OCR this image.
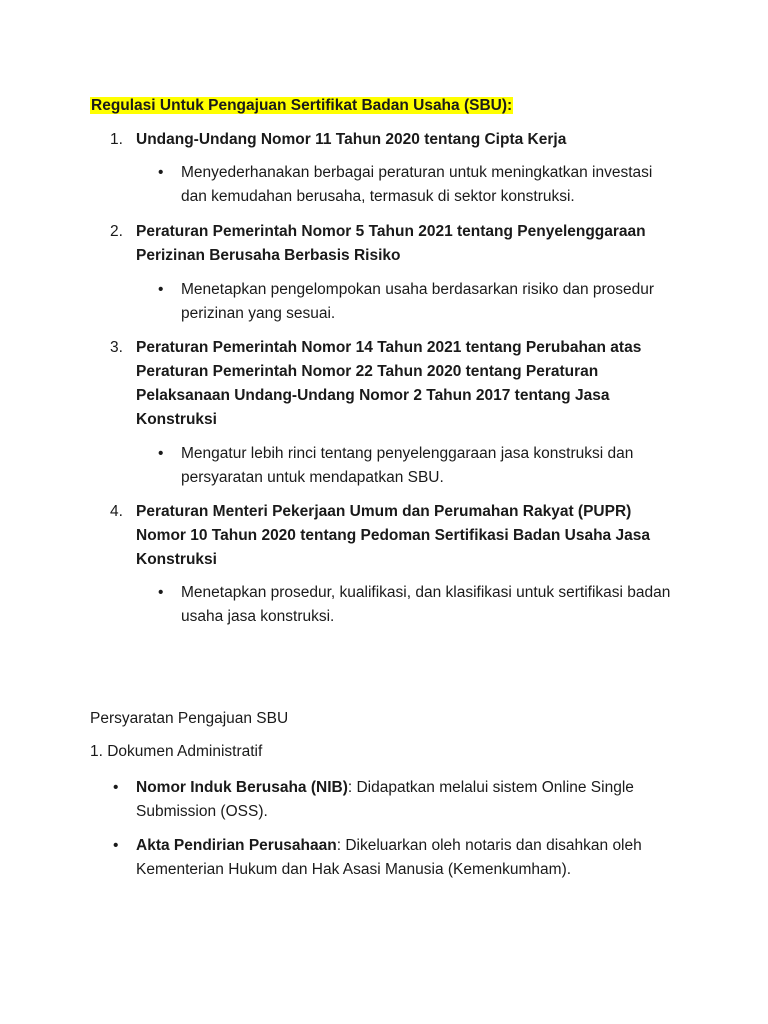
Regulasi Untuk Pengajuan Sertifikat Badan Usaha (SBU):
1. Undang-Undang Nomor 11 Tahun 2020 tentang Cipta Kerja
• Menyederhanakan berbagai peraturan untuk meningkatkan investasi dan kemudahan berusaha, termasuk di sektor konstruksi.
2. Peraturan Pemerintah Nomor 5 Tahun 2021 tentang Penyelenggaraan Perizinan Berusaha Berbasis Risiko
• Menetapkan pengelompokan usaha berdasarkan risiko dan prosedur perizinan yang sesuai.
3. Peraturan Pemerintah Nomor 14 Tahun 2021 tentang Perubahan atas Peraturan Pemerintah Nomor 22 Tahun 2020 tentang Peraturan Pelaksanaan Undang-Undang Nomor 2 Tahun 2017 tentang Jasa Konstruksi
• Mengatur lebih rinci tentang penyelenggaraan jasa konstruksi dan persyaratan untuk mendapatkan SBU.
4. Peraturan Menteri Pekerjaan Umum dan Perumahan Rakyat (PUPR) Nomor 10 Tahun 2020 tentang Pedoman Sertifikasi Badan Usaha Jasa Konstruksi
• Menetapkan prosedur, kualifikasi, dan klasifikasi untuk sertifikasi badan usaha jasa konstruksi.
Persyaratan Pengajuan SBU
1. Dokumen Administratif
• Nomor Induk Berusaha (NIB): Didapatkan melalui sistem Online Single Submission (OSS).
• Akta Pendirian Perusahaan: Dikeluarkan oleh notaris dan disahkan oleh Kementerian Hukum dan Hak Asasi Manusia (Kemenkumham).
